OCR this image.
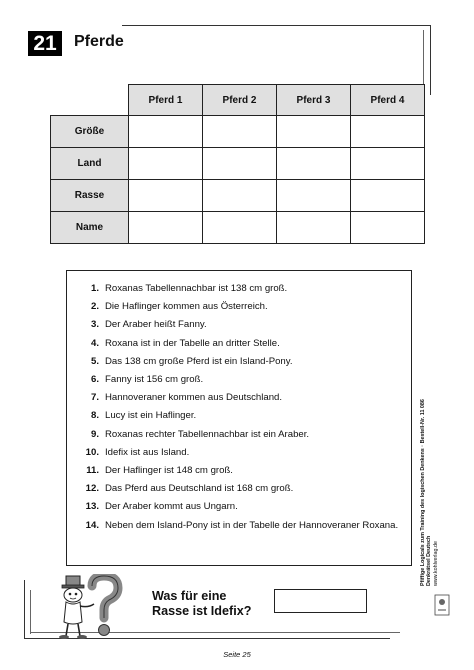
21	Pferde
	Pferd 1	Pferd 2	Pferd 3	Pferd 4
Größe				
Land				
Rasse				
Name				
1. Roxanas Tabellennachbar ist 138 cm groß.
2. Die Haflinger kommen aus Österreich.
3. Der Araber heißt Fanny.
4. Roxana ist in der Tabelle an dritter Stelle.
5. Das 138 cm große Pferd ist ein Island-Pony.
6. Fanny ist 156 cm groß.
7. Hannoveraner kommen aus Deutschland.
8. Lucy ist ein Haflinger.
9. Roxanas rechter Tabellennachbar ist ein Araber.
10. Idefix ist aus Island.
11. Der Haflinger ist 148 cm groß.
12. Das Pferd aus Deutschland ist 168 cm groß.
13. Der Araber kommt aus Ungarn.
14. Neben dem Island-Pony ist in der Tabelle der Hannoveraner Roxana.
Was für eine
Rasse ist Idefix?
Seite 25
Pfiffige Logicals zum Training des logischen Denkens · Bestell-Nr. 11 086 Denkrätsel Deutsch www.kohlverlag.de
